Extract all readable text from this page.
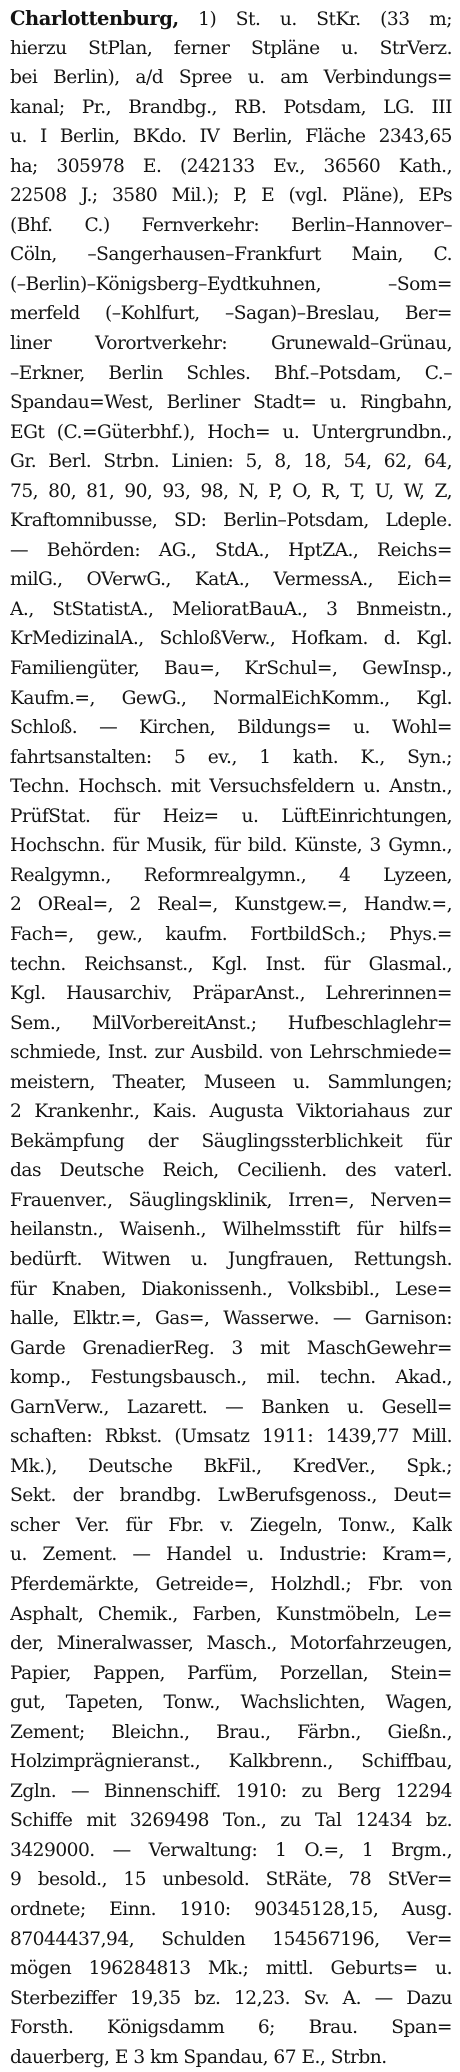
Charlottenburg, 1) St. u. StKr. (33 m;
hierzu StPlan, ferner Stpläne u. StrVerz.
bei Berlin), a/d Spree u. am Verbindungs=
kanal; Pr., Brandbg., RB. Potsdam, LG. III
u. I Berlin, BKdo. IV Berlin, Fläche 2343,65
ha; 305978 E. (242133 Ev., 36560 Kath.,
22508 J.; 3580 Mil.); P, E (vgl. Pläne), EPs
(Bhf. C.) Fernverkehr: Berlin–Hannover–
Cöln, –Sangerhausen–Frankfurt Main, C.
(–Berlin)–Königsberg–Eydtkuhnen, –Som=
merfeld (–Kohlfurt, –Sagan)–Breslau, Ber=
liner Vorortverkehr: Grunewald–Grünau,
–Erkner, Berlin Schles. Bhf.–Potsdam, C.–
Spandau=West, Berliner Stadt= u. Ringbahn,
EGt (C.=Güterbhf.), Hoch= u. Untergrundbn.,
Gr. Berl. Strbn. Linien: 5, 8, 18, 54, 62, 64,
75, 80, 81, 90, 93, 98, N, P, O, R, T, U, W, Z,
Kraftomnibusse, SD: Berlin–Potsdam, Ldeple.
— Behörden: AG., StdA., HptZA., Reichs=
milG., OVerwG., KatA., VermessA., Eich=
A., StStatistA., MelioratBauA., 3 Bnmeistn.,
KrMedizinalA., SchloßVerw., Hofkam. d. Kgl.
Familiengüter, Bau=, KrSchul=, GewInsp.,
Kaufm.=, GewG., NormalEichKomm., Kgl.
Schloß. — Kirchen, Bildungs= u. Wohl=
fahrtsanstalten: 5 ev., 1 kath. K., Syn.;
Techn. Hochsch. mit Versuchsfeldern u. Anstn.,
PrüfStat. für Heiz= u. LüftEinrichtungen,
Hochschn. für Musik, für bild. Künste, 3 Gymn.,
Realgymn., Reformrealgymn., 4 Lyzeen,
2 OReal=, 2 Real=, Kunstgew.=, Handw.=,
Fach=, gew., kaufm. FortbildSch.; Phys.=
techn. Reichsanst., Kgl. Inst. für Glasmal.,
Kgl. Hausarchiv, PräparAnst., Lehrerinnen=
Sem., MilVorbereitAnst.; Hufbeschlaglehr=
schmiede, Inst. zur Ausbild. von Lehrschmiede=
meistern, Theater, Museen u. Sammlungen;
2 Krankenhr., Kais. Augusta Viktoriahaus zur
Bekämpfung der Säuglingssterblichkeit für
das Deutsche Reich, Cecilienh. des vaterl.
Frauenver., Säuglingsklinik, Irren=, Nerven=
heilanstn., Waisenh., Wilhelmsstift für hilfs=
bedürft. Witwen u. Jungfrauen, Rettungsh.
für Knaben, Diakonissenh., Volksbibl., Lese=
halle, Elktr.=, Gas=, Wasserwe. — Garnison:
Garde GrenadierReg. 3 mit MaschGewehr=
komp., Festungsbausch., mil. techn. Akad.,
GarnVerw., Lazarett. — Banken u. Gesell=
schaften: Rbkst. (Umsatz 1911: 1439,77 Mill.
Mk.), Deutsche BkFil., KredVer., Spk.;
Sekt. der brandbg. LwBerufsgenoss., Deut=
scher Ver. für Fbr. v. Ziegeln, Tonw., Kalk
u. Zement. — Handel u. Industrie: Kram=,
Pferdemärkte, Getreide=, Holzhdl.; Fbr. von
Asphalt, Chemik., Farben, Kunstmöbeln, Le=
der, Mineralwasser, Masch., Motorfahrzeugen,
Papier, Pappen, Parfüm, Porzellan, Stein=
gut, Tapeten, Tonw., Wachslichten, Wagen,
Zement; Bleichn., Brau., Färbn., Gießn.,
Holzimprägnieranst., Kalkbrenn., Schiffbau,
Zgln. — Binnenschiff. 1910: zu Berg 12294
Schiffe mit 3269498 Ton., zu Tal 12434 bz.
3429000. — Verwaltung: 1 O.=, 1 Brgm.,
9 besold., 15 unbesold. StRäte, 78 StVer=
ordnete; Einn. 1910: 90345128,15, Ausg.
87044437,94, Schulden 154567196, Ver=
mögen 196284813 Mk.; mittl. Geburts= u.
Sterbeziffer 19,35 bz. 12,23. Sv. A. — Dazu
Forsth. Königsdamm 6; Brau. Span=
dauerberg, E 3 km Spandau, 67 E., Strbn.
